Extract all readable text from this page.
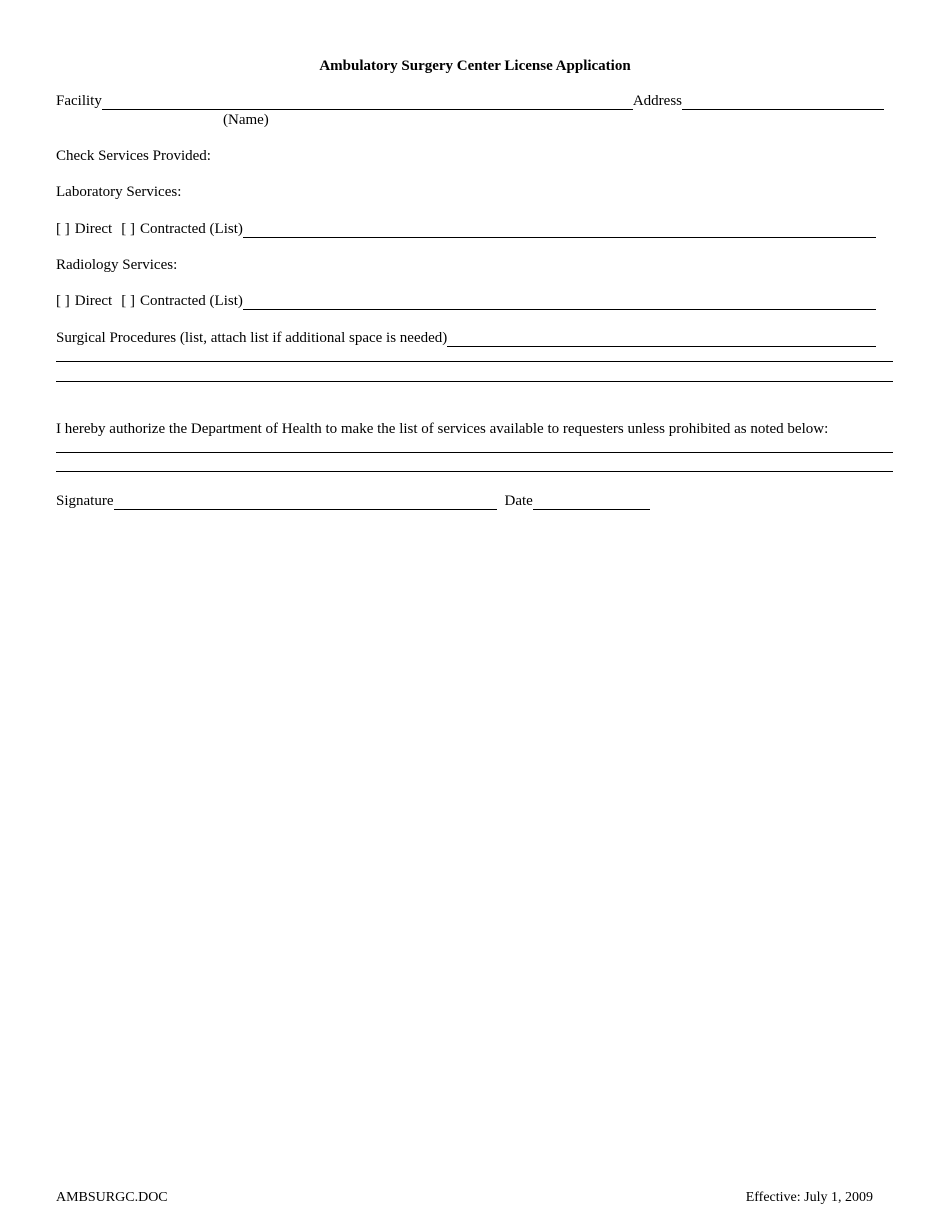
Ambulatory Surgery Center License Application
Facility	Address
(Name)
Check Services Provided:
Laboratory Services:
[ ] Direct [ ] Contracted (List)
Radiology Services:
[ ] Direct [ ] Contracted (List)
Surgical Procedures (list, attach list if additional space is needed)
I hereby authorize the Department of Health to make the list of services available to requesters unless prohibited as noted below:
Signature	Date
AMBSURGC.DOC	Effective: July 1, 2009
